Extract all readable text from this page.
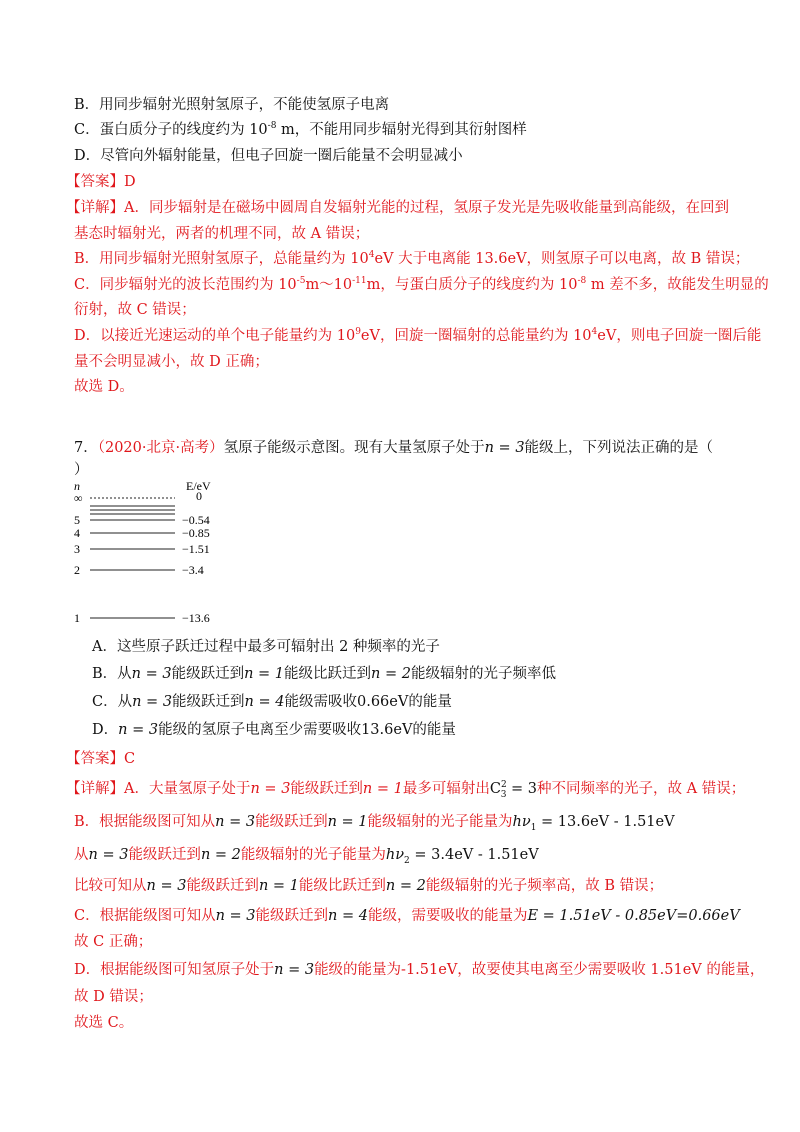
B．用同步辐射光照射氢原子，不能使氢原子电离
C．蛋白质分子的线度约为 $10^{-8}$ m，不能用同步辐射光得到其衍射图样
D．尽管向外辐射能量，但电子回旋一圈后能量不会明显减小
【答案】D
【详解】A．同步辐射是在磁场中圆周自发辐射光能的过程，氢原子发光是先吸收能量到高能级，在回到
基态时辐射光，两者的机理不同，故 A 错误；
B．用同步辐射光照射氢原子，总能量约为 $10^4eV$ 大于电离能 13.6eV，则氢原子可以电离，故 B 错误；
C．同步辐射光的波长范围约为 $10^{-5}m\sim 10^{-11}m$，与蛋白质分子的线度约为 $10^{-8}$ m 差不多，故能发生明显的
衍射，故 C 错误；
D．以接近光速运动的单个电子能量约为 $10^9eV$，回旋一圈辐射的总能量约为 $10^4eV$，则电子回旋一圈后能
量不会明显减小，故 D 正确；
故选 D。
7．（2020·北京·高考）氢原子能级示意图。现有大量氢原子处于n = 3能级上，下列说法正确的是（
）
n	E/eV
∞	0
5	−0.54
4	−0.85
3	−1.51
2	−3.4
1	−13.6
A．这些原子跃迁过程中最多可辐射出 2 种频率的光子
B．从n = 3能级跃迁到n = 1能级比跃迁到n = 2能级辐射的光子频率低
C．从n = 3能级跃迁到n = 4能级需吸收0.66eV的能量
D．n = 3能级的氢原子电离至少需要吸收13.6eV的能量
【答案】C
【详解】A．大量氢原子处于n = 3能级跃迁到n = 1最多可辐射出$C^2_3 = 3$种不同频率的光子，故 A 错误；
B．根据能级图可知从n = 3能级跃迁到n = 1能级辐射的光子能量为$h\nu_1 = 13.6eV - 1.51eV$
从n = 3能级跃迁到n = 2能级辐射的光子能量为$h\nu_2 = 3.4eV - 1.51eV$
比较可知从n = 3能级跃迁到n = 1能级比跃迁到n = 2能级辐射的光子频率高，故 B 错误；
C．根据能级图可知从n = 3能级跃迁到n = 4能级，需要吸收的能量为E = 1.51eV - 0.85eV=0.66eV
故 C 正确；
D．根据能级图可知氢原子处于n = 3能级的能量为-1.51eV，故要使其电离至少需要吸收 1.51eV 的能量，
故 D 错误；
故选 C。
